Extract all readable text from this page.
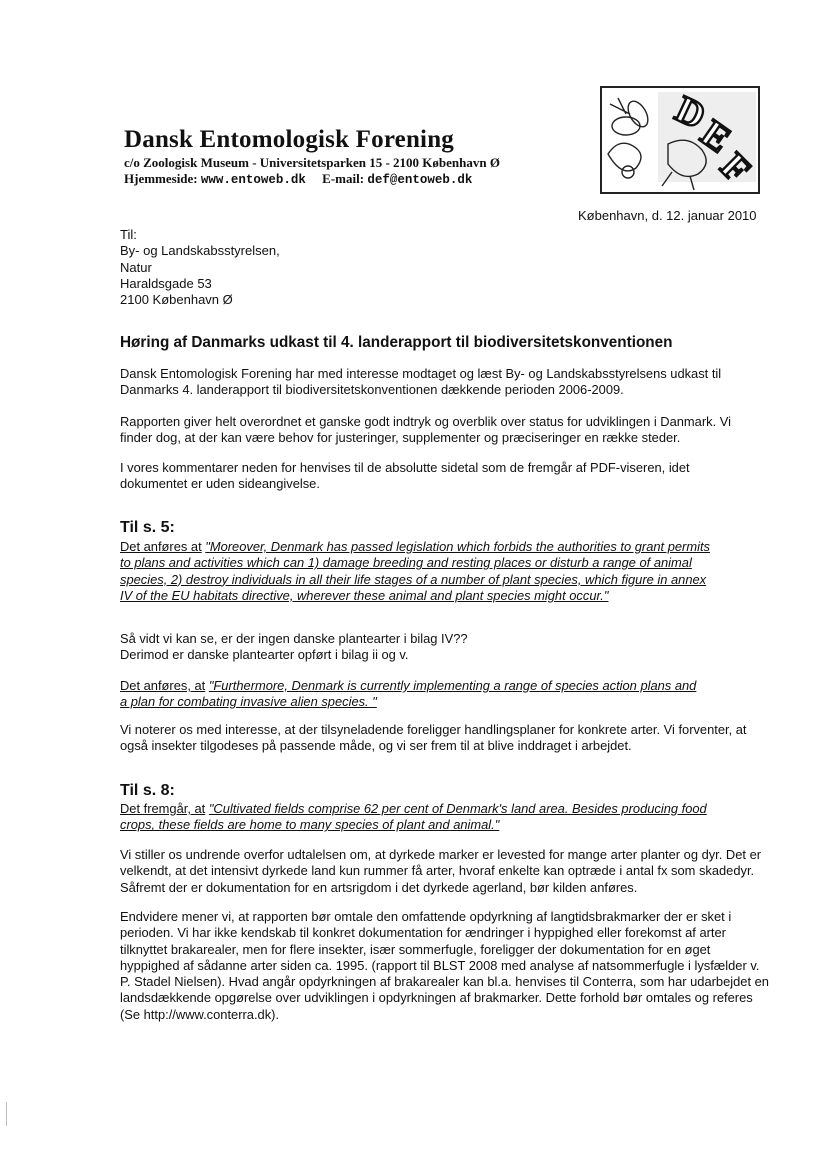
Dansk Entomologisk Forening
c/o Zoologisk Museum - Universitetsparken 15 - 2100 København Ø
Hjemmeside: www.entoweb.dk E-mail: def@entoweb.dk
D
E
F
København, d. 12. januar 2010
Til:
By- og Landskabsstyrelsen,
Natur
Haraldsgade 53
2100 København Ø
Høring af Danmarks udkast til 4. landerapport til biodiversitetskonventionen

Dansk Entomologisk Forening har med interesse modtaget og læst By- og Landskabsstyrelsens udkast til Danmarks 4. landerapport til biodiversitetskonventionen dækkende perioden 2006-2009.

Rapporten giver helt overordnet et ganske godt indtryk og overblik over status for udviklingen i Danmark. Vi finder dog, at der kan være behov for justeringer, supplementer og præciseringer en række steder.

I vores kommentarer neden for henvises til de absolutte sidetal som de fremgår af PDF-viseren, idet dokumentet er uden sideangivelse.

Til s. 5:

Det anføres at "Moreover, Denmark has passed legislation which forbids the authorities to grant permits to plans and activities which can 1) damage breeding and resting places or disturb a range of animal species, 2) destroy individuals in all their life stages of a number of plant species, which figure in annex IV of the EU habitats directive, wherever these animal and plant species might occur."

Så vidt vi kan se, er der ingen danske plantearter i bilag IV??
Derimod er danske plantearter opført i bilag ii og v.

Det anføres, at "Furthermore, Denmark is currently implementing a range of species action plans and a plan for combating invasive alien species. "

Vi noterer os med interesse, at der tilsyneladende foreligger handlingsplaner for konkrete arter. Vi forventer, at også insekter tilgodeses på passende måde, og vi ser frem til at blive inddraget i arbejdet.

Til s. 8:

Det fremgår, at "Cultivated fields comprise 62 per cent of Denmark's land area. Besides producing food crops, these fields are home to many species of plant and animal."

Vi stiller os undrende overfor udtalelsen om, at dyrkede marker er levested for mange arter planter og dyr. Det er velkendt, at det intensivt dyrkede land kun rummer få arter, hvoraf enkelte kan optræde i antal fx som skadedyr. Såfremt der er dokumentation for en artsrigdom i det dyrkede agerland, bør kilden anføres.

Endvidere mener vi, at rapporten bør omtale den omfattende opdyrkning af langtidsbrakmarker der er sket i perioden. Vi har ikke kendskab til konkret dokumentation for ændringer i hyppighed eller forekomst af arter tilknyttet brakarealer, men for flere insekter, især sommerfugle, foreligger der dokumentation for en øget hyppighed af sådanne arter siden ca. 1995. (rapport til BLST 2008 med analyse af natsommerfugle i lysfælder v. P. Stadel Nielsen). Hvad angår opdyrkningen af brakarealer kan bl.a. henvises til Conterra, som har udarbejdet en landsdækkende opgørelse over udviklingen i opdyrkningen af brakmarker. Dette forhold bør omtales og referes (Se http://www.conterra.dk).
